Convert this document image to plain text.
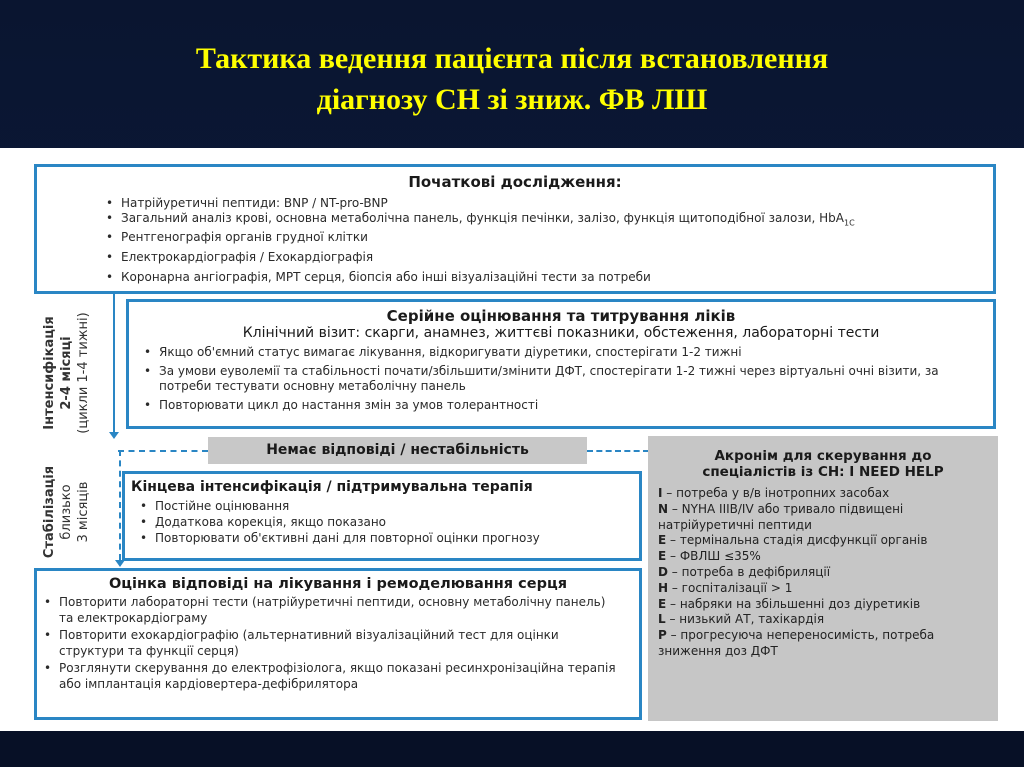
Тактика ведення пацієнта після встановлення
діагнозу СН зі зниж. ФВ ЛШ
Початкові дослідження:
• Натрійуретичні пептиди: BNP / NT-pro-BNP
• Загальний аналіз крові, основна метаболічна панель, функція печінки, залізо, функція щитоподібної залози, HbA$_{1C}$
• Рентгенографія органів грудної клітки
• Електрокардіографія / Ехокардіографія
• Коронарна ангіографія, МРТ серця, біопсія або інші візуалізаційні тести за потреби
Інтенсифікація 2-4 місяці (цикли 1-4 тижні)	Серійне оцінювання та титрування ліків
Клінічний візит: скарги, анамнез, життєві показники, обстеження, лабораторні тести
• Якщо об'ємний статус вимагає лікування, відкоригувати діуретики, спостерігати 1-2 тижні
• За умови еуволемії та стабільності почати/збільшити/змінити ДФТ, спостерігати 1-2 тижні через віртуальні очні візити, за потреби тестувати основну метаболічну панель
• Повторювати цикл до настання змін за умов толерантності
Немає відповіді / нестабільність
Стабілізація близько 3 місяців	Кінцева інтенсифікація / підтримувальна терапія
• Постійне оцінювання
• Додаткова корекція, якщо показано
• Повторювати об'єктивні дані для повторної оцінки прогнозу
Оцінка відповіді на лікування і ремоделювання серця
• Повторити лабораторні тести (натрійуретичні пептиди, основну метаболічну панель) та електрокардіограму
• Повторити ехокардіографію (альтернативний візуалізаційний тест для оцінки структури та функції серця)
• Розглянути скерування до електрофізіолога, якщо показані ресинхронізаційна терапія або імплантація кардіовертера-дефібрилятора
Акронім для скерування до
спеціалістів із СН: I NEED HELP
I – потреба у в/в інотропних засобах
N – NYHA IIIB/IV або тривало підвищені натрійуретичні пептиди
E – термінальна стадія дисфункції органів
E – ФВЛШ ≤35%
D – потреба в дефібриляції
H – госпіталізації > 1
E – набряки на збільшенні доз діуретиків
L – низький АТ, тахікардія
P – прогресуюча непереносимість, потреба зниження доз ДФТ
